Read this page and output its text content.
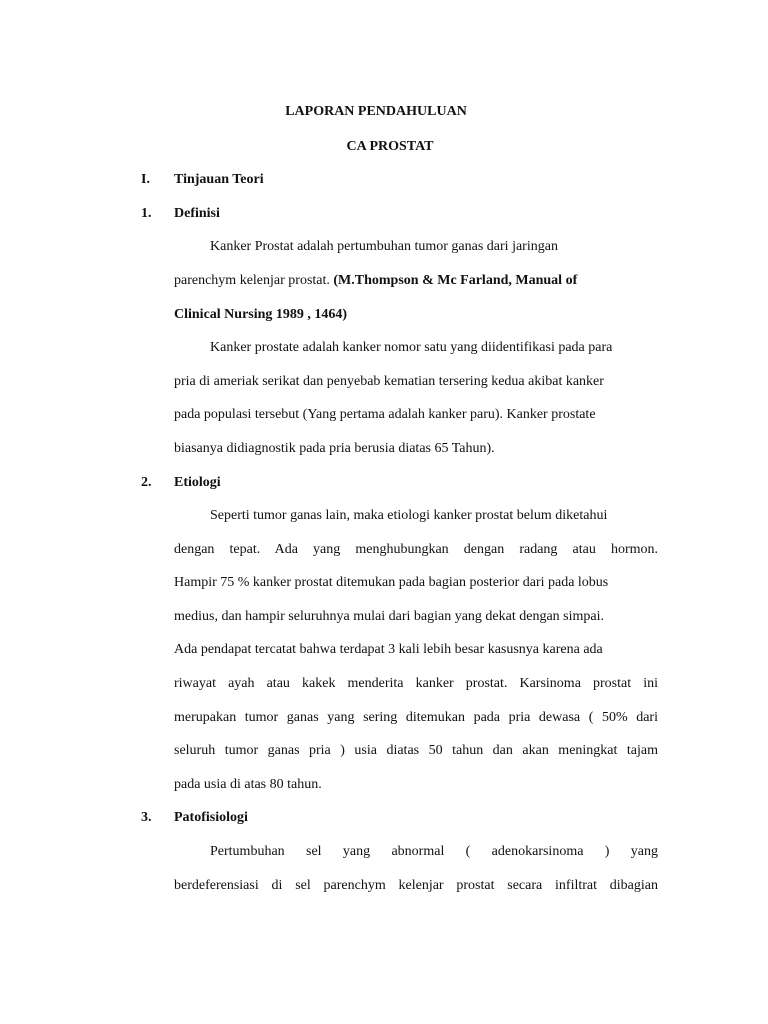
LAPORAN PENDAHULUAN
CA PROSTAT
I. Tinjauan Teori
1. Definisi
Kanker Prostat adalah pertumbuhan tumor ganas dari jaringan
parenchym kelenjar prostat. (M.Thompson & Mc Farland, Manual of
Clinical Nursing 1989 , 1464)
Kanker prostate adalah kanker nomor satu yang diidentifikasi pada para
pria di ameriak serikat dan penyebab kematian tersering kedua akibat kanker
pada populasi tersebut (Yang pertama adalah kanker paru). Kanker prostate
biasanya didiagnostik pada pria berusia diatas 65 Tahun).
2. Etiologi
Seperti tumor ganas lain, maka etiologi kanker prostat belum diketahui
dengan tepat. Ada yang menghubungkan dengan radang atau hormon.
Hampir 75 % kanker prostat ditemukan pada bagian posterior dari pada lobus
medius, dan hampir seluruhnya mulai dari bagian yang dekat dengan simpai.
Ada pendapat tercatat bahwa terdapat 3 kali lebih besar kasusnya karena ada
riwayat ayah atau kakek menderita kanker prostat. Karsinoma prostat ini
merupakan tumor ganas yang sering ditemukan pada pria dewasa ( 50% dari
seluruh tumor ganas pria ) usia diatas 50 tahun dan akan meningkat tajam
pada usia di atas 80 tahun.
3. Patofisiologi
Pertumbuhan sel yang abnormal ( adenokarsinoma ) yang
berdeferensiasi di sel parenchym kelenjar prostat secara infiltrat dibagian
